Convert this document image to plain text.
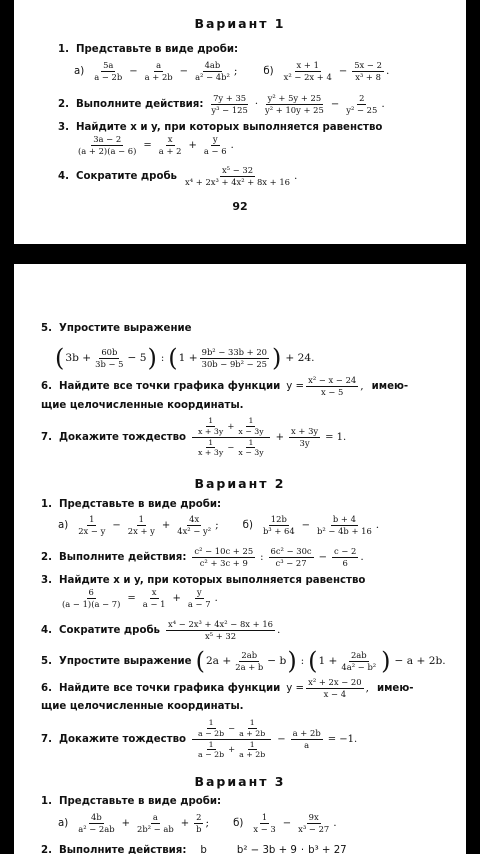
Вариант 1
1. Представьте в виде дроби:
$а) \frac{5a}{a - 2b} - \frac{a}{a + 2b} - \frac{4ab}{\text{a² − 4b²}}$ ;	$б) \frac{x + 1}{\text{x² − 2x + 4}} - \frac{5x - 2}{\text{x³ + 8}}$ .
2. Выполните действия: $\frac{7y + 35}{\text{y³ − 125}} \cdot \frac{\text{y² + 5y + 25}}{\text{y² + 10y + 25}} - \frac{2}{\text{y² − 25}}$ .
3. Найдите x и y, при которых выполняется равенство
$\frac{3a - 2}{(a + 2)(a - 6)} = \frac{x}{a + 2} + \frac{y}{a - 6}$ .
4. Сократите дробь $\frac{\text{x⁵ − 32}}{\text{x⁴ + 2x³ + 4x² + 8x + 16}}$ .
92
5. Упростите выражение
( $3b + \frac{60b}{3b - 5} - 5$ ) : ( $1 + \frac{\text{9b² − 33b + 20}}{\text{30b − 9b² − 25}}$ ) + 24.
6. Найдите все точки графика функции $y = \frac{\text{x² − x − 24}}{x - 5}$ , имею-
щие целочисленные координаты.
7. Докажите тождество
$\frac{1}{x + 3y} + \frac{1}{x - 3y}$
$\frac{1}{x + 3y} - \frac{1}{x - 3y}$
+ $\frac{x + 3y}{3y} = 1$.
Вариант 2
1. Представьте в виде дроби:
$а) \frac{1}{2x - y} - \frac{1}{2x + y} + \frac{4x}{\text{4x² − y²}}$ ; $б) \frac{12b}{\text{b³ + 64}} - \frac{b + 4}{\text{b² − 4b + 16}}$ .
2. Выполните действия: $\frac{\text{c² − 10c + 25}}{\text{c² + 3c + 9}}$ : $\frac{\text{6c² − 30c}}{\text{c³ − 27}} - \frac{c - 2}{6}$ .
3. Найдите x и y, при которых выполняется равенство
$\frac{6}{(a - 1)(a - 7)} = \frac{x}{a - 1} + \frac{y}{a - 7}$ .
4. Сократите дробь $\frac{\text{x⁴ − 2x³ + 4x² − 8x + 16}}{\text{x⁵ + 32}}$ .
5. Упростите выражение ( $2a + \frac{2ab}{2a + b} - b$ ) : ( $1 + \frac{2ab}{\text{4a² − b²}}$ ) − a + 2b.
6. Найдите все точки графика функции $y = \frac{\text{x² + 2x − 20}}{x - 4}$ , имею-
щие целочисленные координаты.
7. Докажите тождество
$\frac{1}{a - 2b} - \frac{1}{a + 2b}$
$\frac{1}{a - 2b} + \frac{1}{a + 2b}$
− $\frac{a + 2b}{a} = -1$.
Вариант 3
1. Представьте в виде дроби:
$а) \frac{4b}{\text{a² − 2ab}} + \frac{a}{\text{2b² − ab}} + \frac{2}{b}$ ; $б) \frac{1}{x - 3} - \frac{9x}{\text{x³ − 27}}$ .
2. Выполните действия: b	b² − 3b + 9 · b³ + 27
